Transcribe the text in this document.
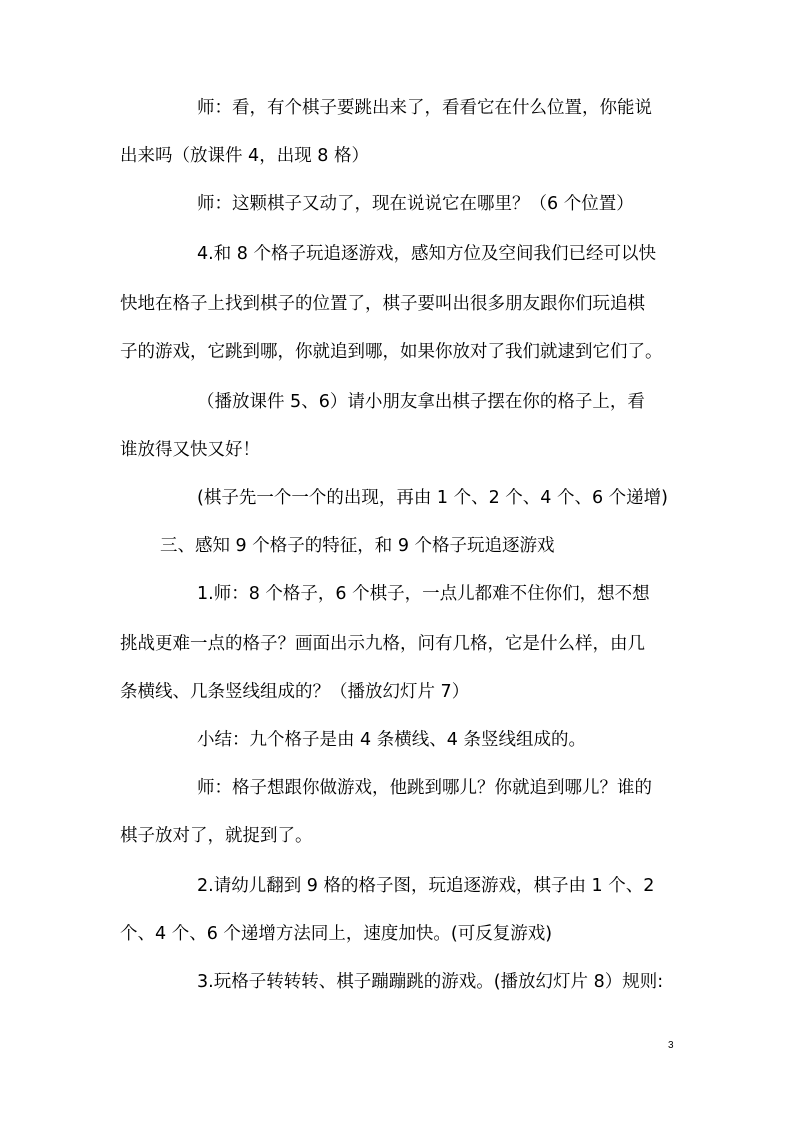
师：看，有个棋子要跳出来了，看看它在什么位置，你能说
出来吗（放课件 4，出现 8 格）
师：这颗棋子又动了，现在说说它在哪里？（6 个位置）
4.和 8 个格子玩追逐游戏，感知方位及空间我们已经可以快
快地在格子上找到棋子的位置了，棋子要叫出很多朋友跟你们玩追棋
子的游戏，它跳到哪，你就追到哪，如果你放对了我们就逮到它们了。
（播放课件 5、6）请小朋友拿出棋子摆在你的格子上，看
谁放得又快又好！
(棋子先一个一个的出现，再由 1 个、2 个、4 个、6 个递增)
三、感知 9 个格子的特征，和 9 个格子玩追逐游戏
1.师：8 个格子，6 个棋子，一点儿都难不住你们，想不想
挑战更难一点的格子？画面出示九格，问有几格，它是什么样，由几
条横线、几条竖线组成的？（播放幻灯片 7）
小结：九个格子是由 4 条横线、4 条竖线组成的。
师：格子想跟你做游戏，他跳到哪儿？你就追到哪儿？谁的
棋子放对了，就捉到了。
2.请幼儿翻到 9 格的格子图，玩追逐游戏，棋子由 1 个、2
个、4 个、6 个递增方法同上，速度加快。(可反复游戏)
3.玩格子转转转、棋子蹦蹦跳的游戏。(播放幻灯片 8）规则:
3
